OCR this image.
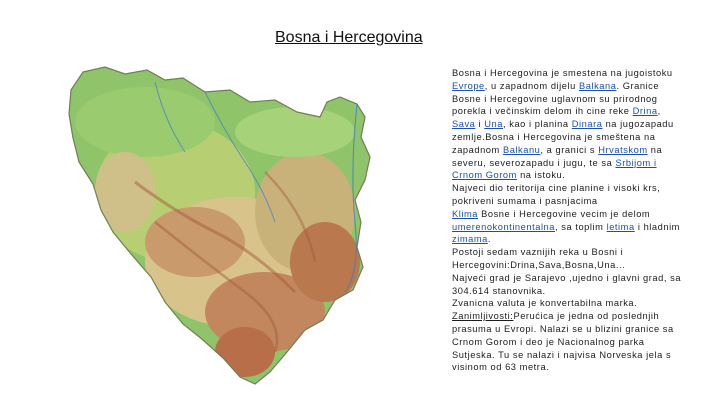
Bosna i Hercegovina
Bosna i Hercegovina je smestena na jugoistoku Evrope, u zapadnom dijelu Balkana. Granice Bosne i Hercegovine uglavnom su prirodnog porekla i večinskim delom ih cine reke Drina, Sava i Una, kao i planina Dinara na jugozapadu zemlje.Bosna i Hercegovina je smeštena na zapadnom Balkanu, a granici s Hrvatskom na severu, severozapadu i jugu, te sa Srbijom i Crnom Gorom na istoku.
Najveci dio teritorija cine planine i visoki krs, pokriveni sumama i pasnjacima
Klima Bosne i Hercegovine vecim je delom umerenokontinentalna, sa toplim letima i hladnim zimama.
Postoji sedam vaznijih reka u Bosni i Hercegovini:Drina,Sava,Bosna,Una...
Najveći grad je Sarajevo ,ujedno i glavni grad, sa 304.614 stanovnika.
Zvanicna valuta je konvertabilna marka.
Zanimljivosti:Perućica je jedna od poslednjih prasuma u Evropi. Nalazi se u blizini granice sa Crnom Gorom i deo je Nacionalnog parka Sutjeska. Tu se nalazi i najvisa Norveska jela s visinom od 63 metra.
